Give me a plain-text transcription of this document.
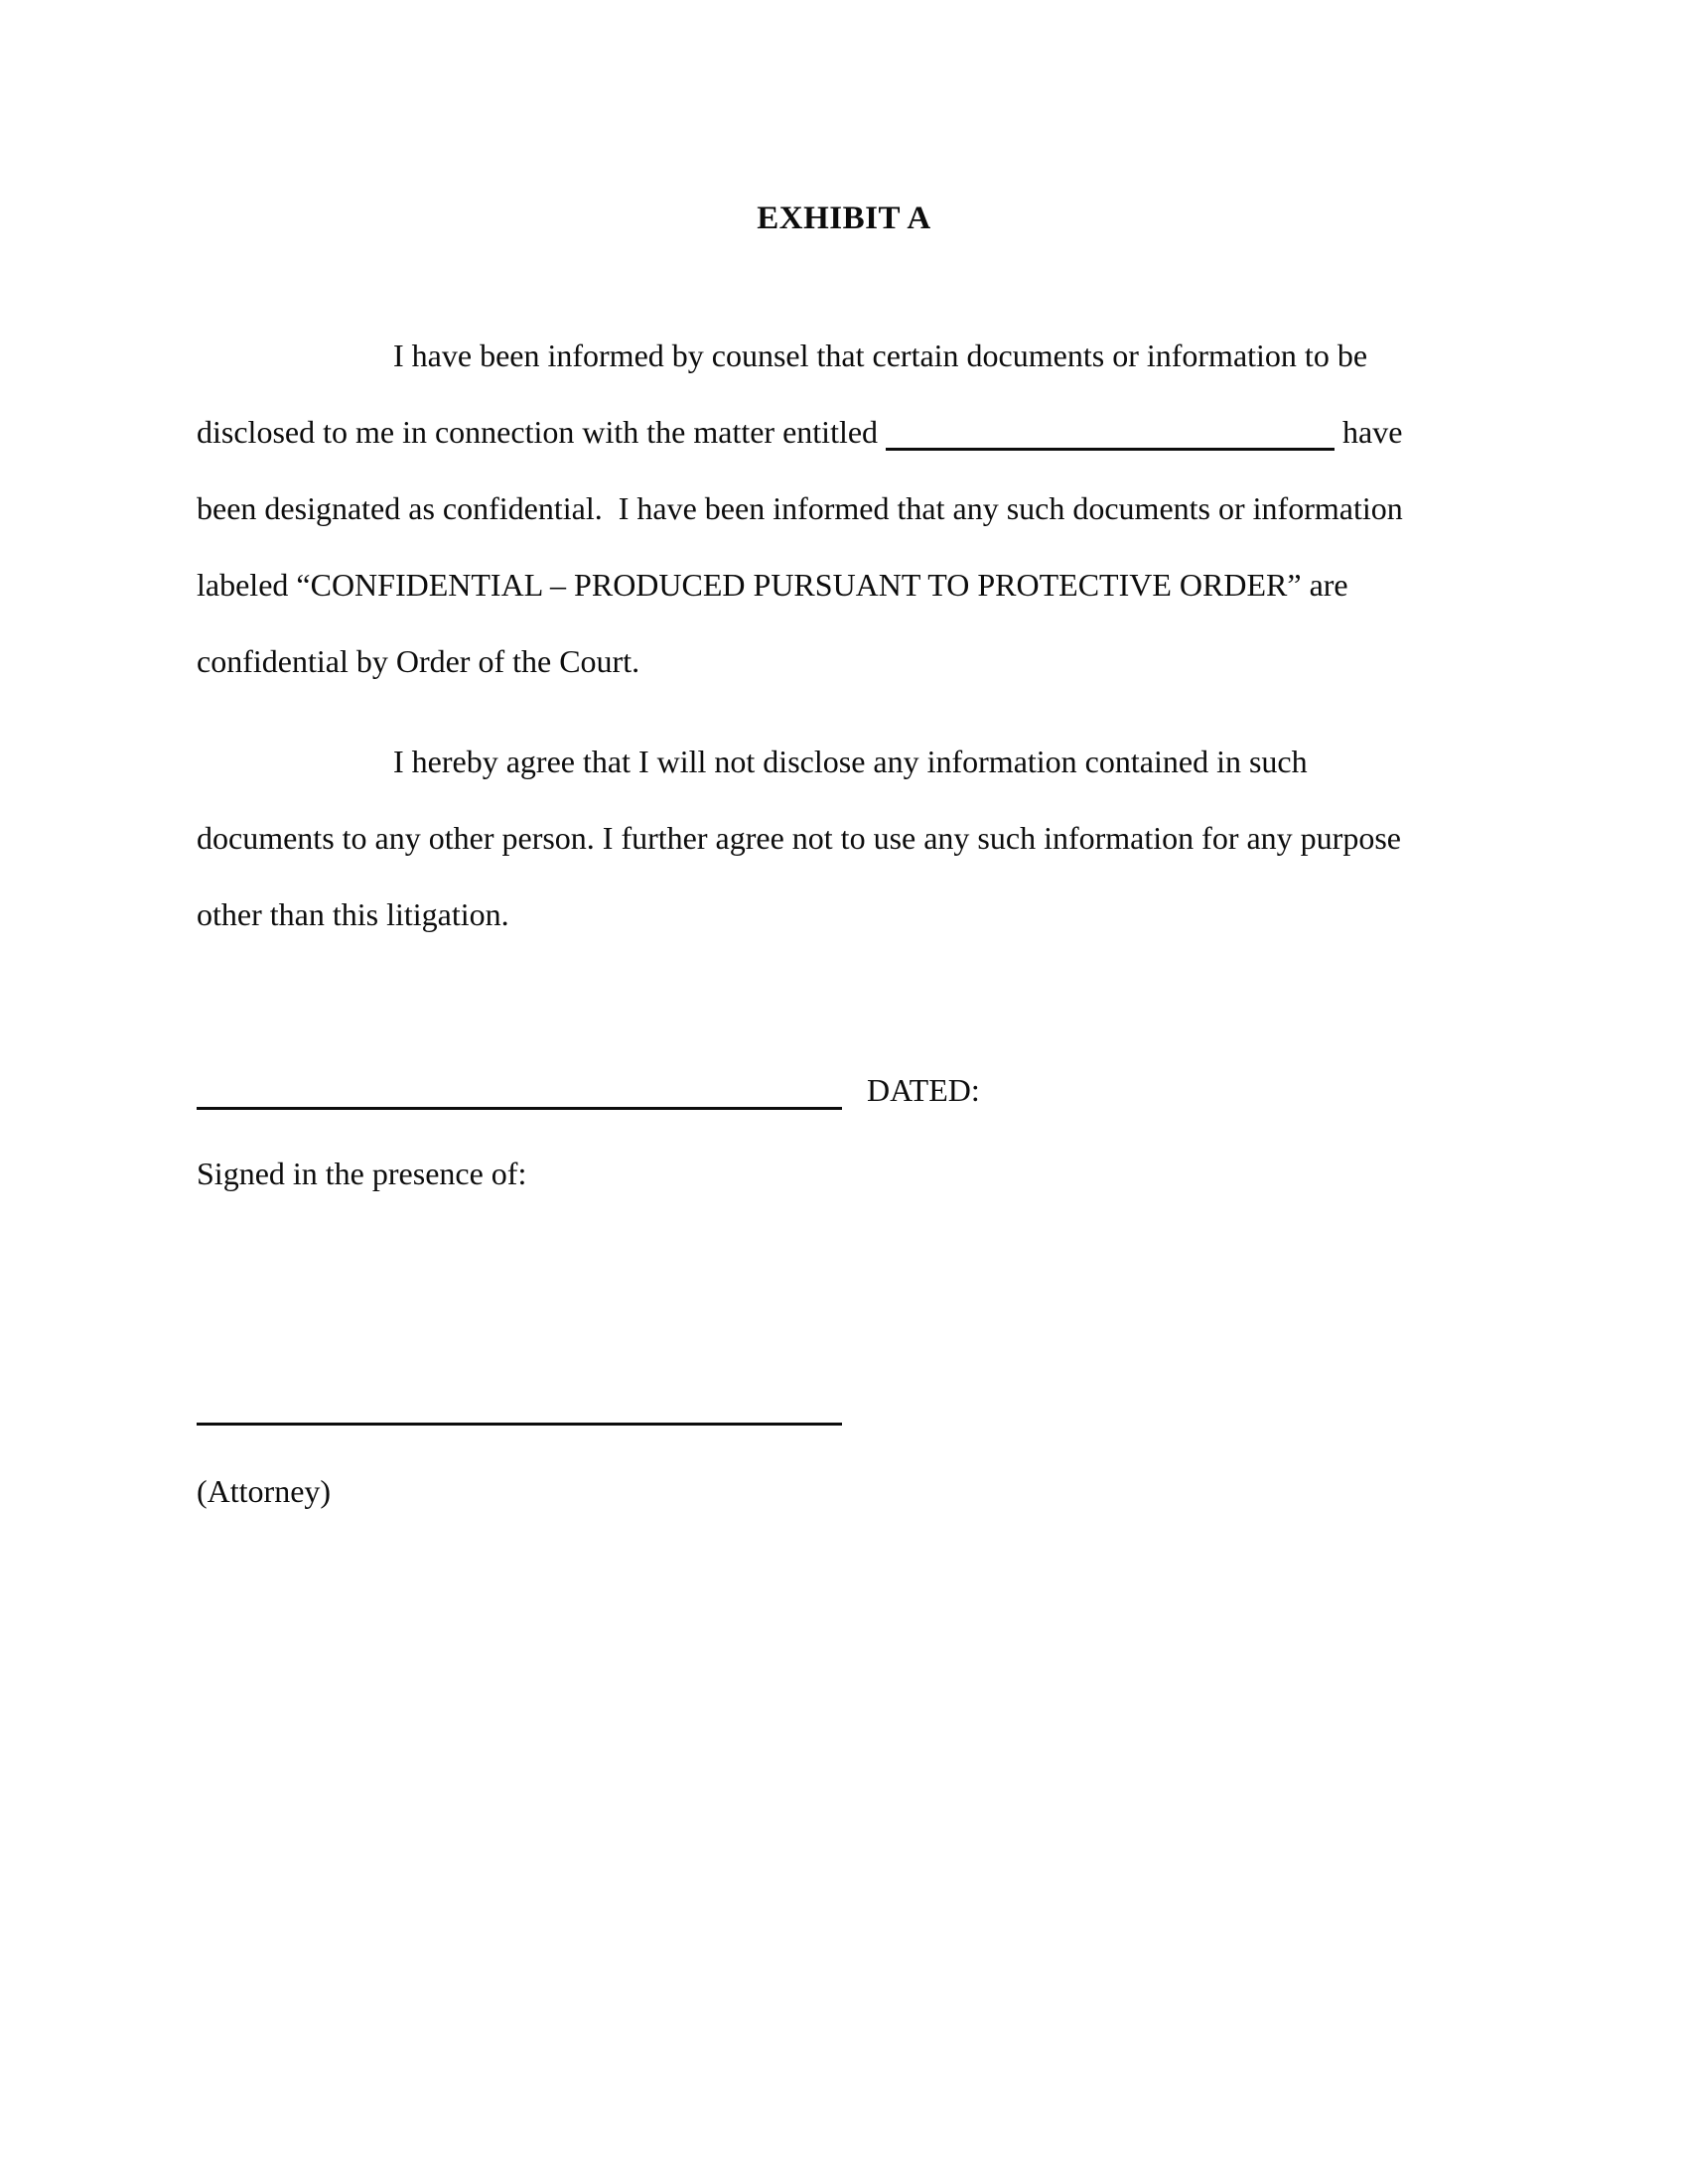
EXHIBIT A
I have been informed by counsel that certain documents or information to be
disclosed to me in connection with the matter entitled	have
been designated as confidential.  I have been informed that any such documents or information
labeled “CONFIDENTIAL – PRODUCED PURSUANT TO PROTECTIVE ORDER” are
confidential by Order of the Court.
I hereby agree that I will not disclose any information contained in such
documents to any other person. I further agree not to use any such information for any purpose
other than this litigation.
DATED:
Signed in the presence of:
(Attorney)
